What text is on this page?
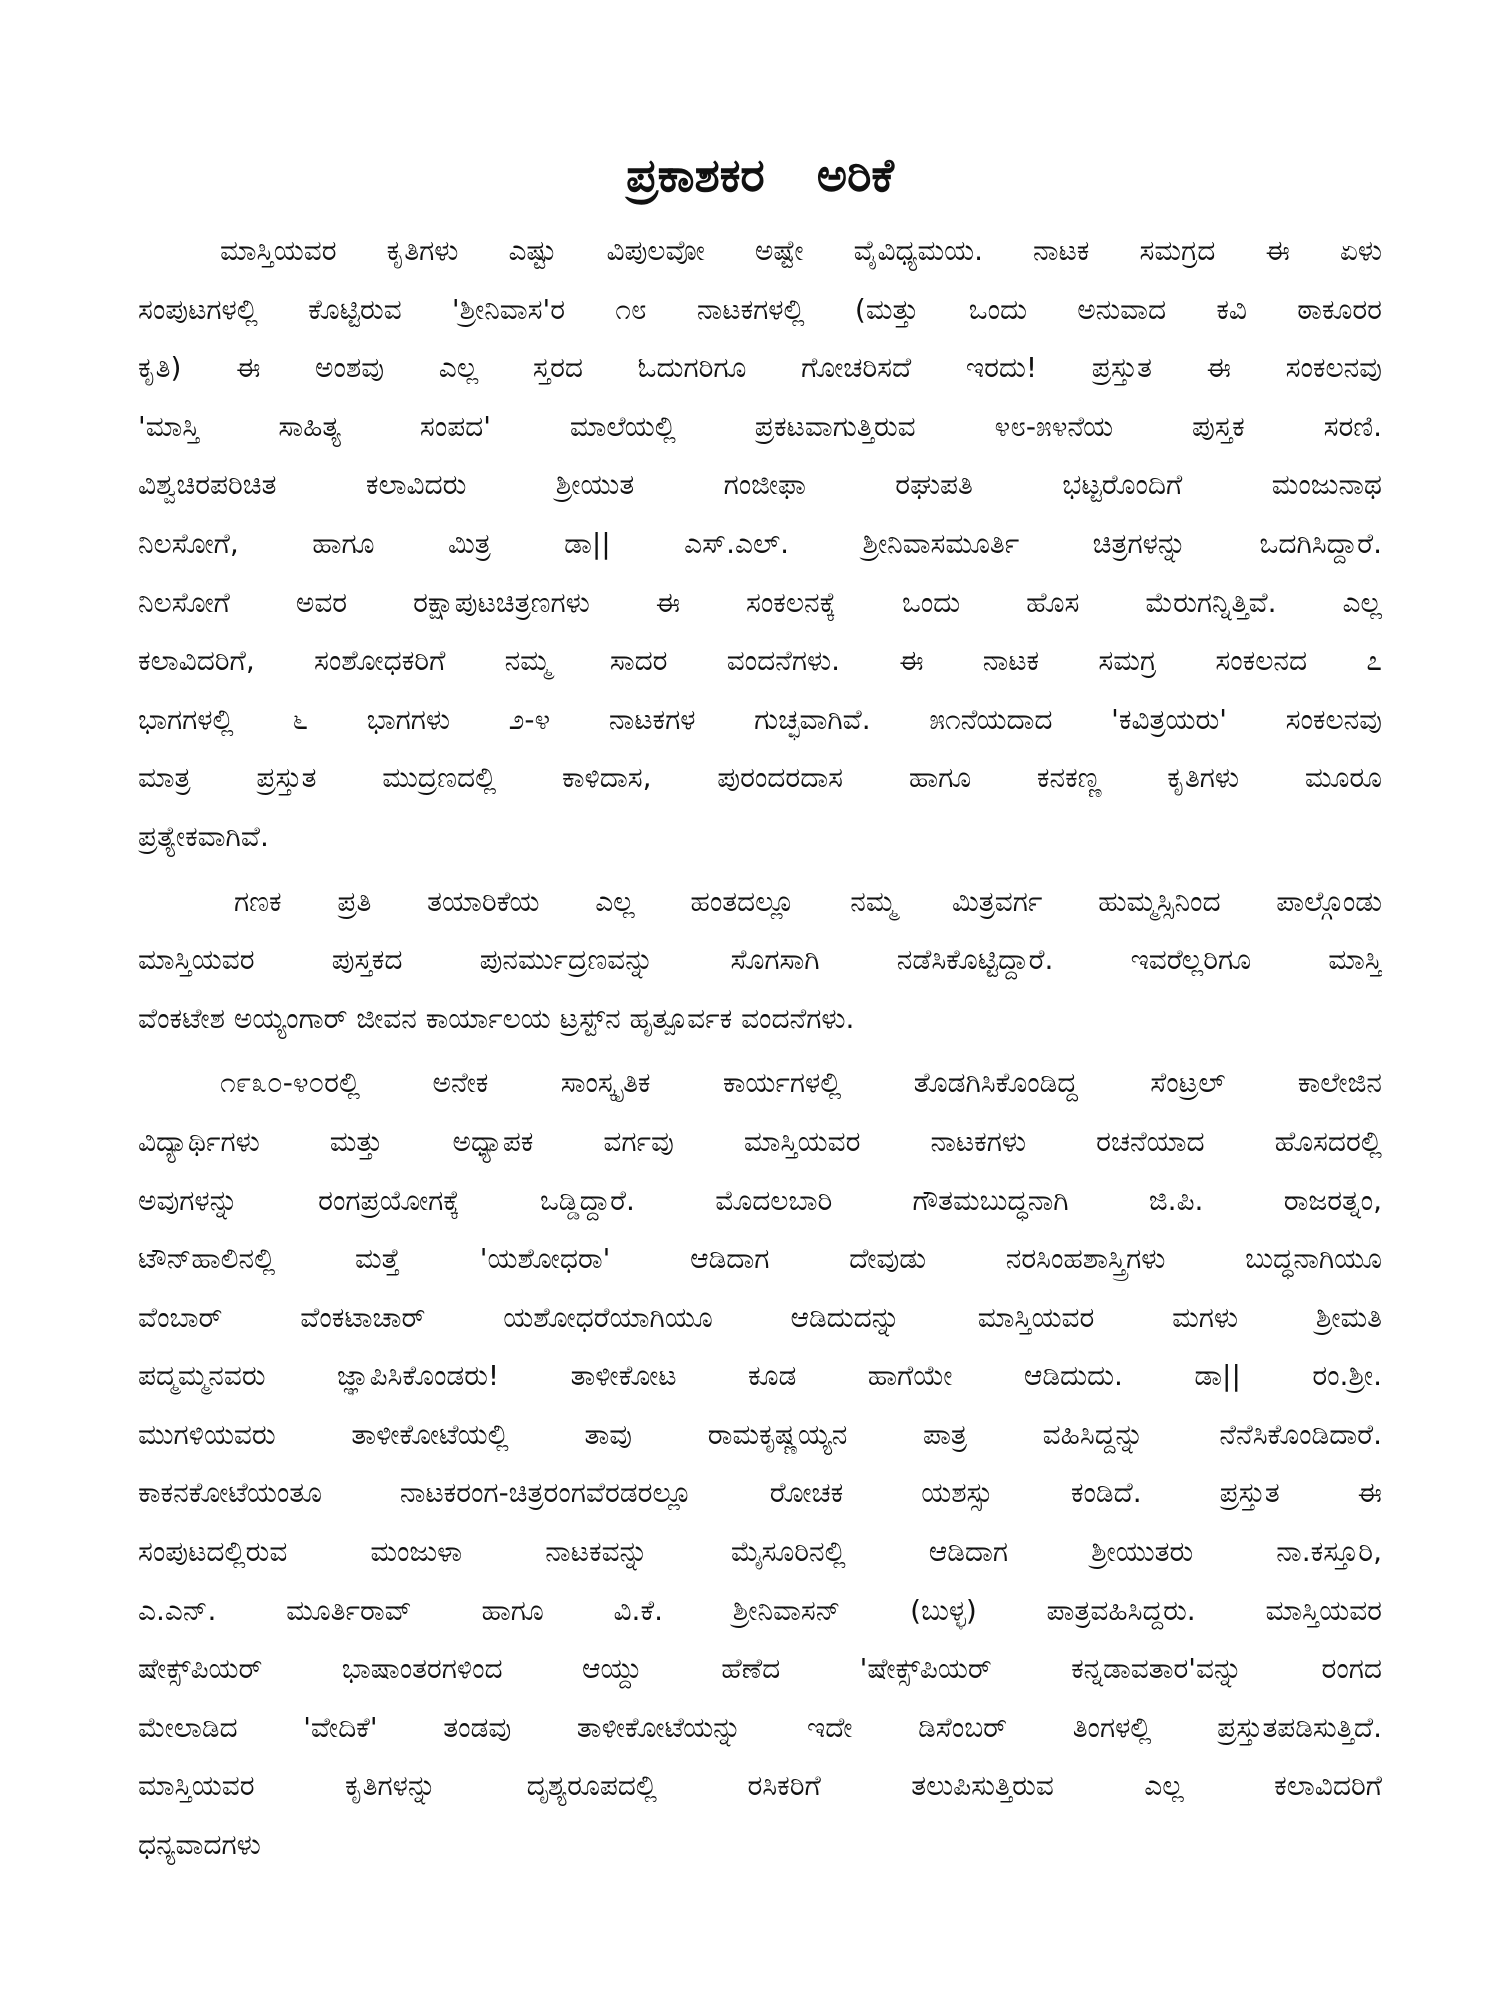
ಪ್ರಕಾಶಕರ ಅರಿಕೆ
ಮಾಸ್ತಿಯವರ ಕೃತಿಗಳು ಎಷ್ಟು ವಿಪುಲವೋ ಅಷ್ಟೇ ವೈವಿಧ್ಯಮಯ. ನಾಟಕ ಸಮಗ್ರದ ಈ ಏಳು
ಸಂಪುಟಗಳಲ್ಲಿ ಕೊಟ್ಟಿರುವ 'ಶ್ರೀನಿವಾಸ'ರ ೧೮ ನಾಟಕಗಳಲ್ಲಿ (ಮತ್ತು ಒಂದು ಅನುವಾದ ಕವಿ ಠಾಕೂರರ
ಕೃತಿ) ಈ ಅಂಶವು ಎಲ್ಲ ಸ್ತರದ ಓದುಗರಿಗೂ ಗೋಚರಿಸದೆ ಇರದು! ಪ್ರಸ್ತುತ ಈ ಸಂಕಲನವು
'ಮಾಸ್ತಿ ಸಾಹಿತ್ಯ ಸಂಪದ' ಮಾಲೆಯಲ್ಲಿ ಪ್ರಕಟವಾಗುತ್ತಿರುವ ೪೮-೫೪ನೆಯ ಪುಸ್ತಕ ಸರಣಿ.
ವಿಶ್ವಚಿರಪರಿಚಿತ ಕಲಾವಿದರು ಶ್ರೀಯುತ ಗಂಜೀಫಾ ರಘುಪತಿ ಭಟ್ಟರೊಂದಿಗೆ ಮಂಜುನಾಥ
ನಿಲಸೋಗೆ, ಹಾಗೂ ಮಿತ್ರ ಡಾ|| ಎಸ್.ಎಲ್. ಶ್ರೀನಿವಾಸಮೂರ್ತಿ ಚಿತ್ರಗಳನ್ನು ಒದಗಿಸಿದ್ದಾರೆ.
ನಿಲಸೋಗೆ ಅವರ ರಕ್ಷಾಪುಟಚಿತ್ರಣಗಳು ಈ ಸಂಕಲನಕ್ಕೆ ಒಂದು ಹೊಸ ಮೆರುಗನ್ನಿತ್ತಿವೆ. ಎಲ್ಲ
ಕಲಾವಿದರಿಗೆ, ಸಂಶೋಧಕರಿಗೆ ನಮ್ಮ ಸಾದರ ವಂದನೆಗಳು. ಈ ನಾಟಕ ಸಮಗ್ರ ಸಂಕಲನದ ೭
ಭಾಗಗಳಲ್ಲಿ ೬ ಭಾಗಗಳು ೨-೪ ನಾಟಕಗಳ ಗುಚ್ಛವಾಗಿವೆ. ೫೧ನೆಯದಾದ 'ಕವಿತ್ರಯರು' ಸಂಕಲನವು
ಮಾತ್ರ ಪ್ರಸ್ತುತ ಮುದ್ರಣದಲ್ಲಿ ಕಾಳಿದಾಸ, ಪುರಂದರದಾಸ ಹಾಗೂ ಕನಕಣ್ಣ ಕೃತಿಗಳು ಮೂರೂ
ಪ್ರತ್ಯೇಕವಾಗಿವೆ.
ಗಣಕ ಪ್ರತಿ ತಯಾರಿಕೆಯ ಎಲ್ಲ ಹಂತದಲ್ಲೂ ನಮ್ಮ ಮಿತ್ರವರ್ಗ ಹುಮ್ಮಸ್ಸಿನಿಂದ ಪಾಲ್ಗೊಂಡು
ಮಾಸ್ತಿಯವರ ಪುಸ್ತಕದ ಪುನರ್ಮುದ್ರಣವನ್ನು ಸೊಗಸಾಗಿ ನಡೆಸಿಕೊಟ್ಟಿದ್ದಾರೆ. ಇವರೆಲ್ಲರಿಗೂ ಮಾಸ್ತಿ
ವೆಂಕಟೇಶ ಅಯ್ಯಂಗಾರ್ ಜೀವನ ಕಾರ್ಯಾಲಯ ಟ್ರಸ್ಟ್‌ನ ಹೃತ್ಪೂರ್ವಕ ವಂದನೆಗಳು.
೧೯೩೦-೪೦ರಲ್ಲಿ ಅನೇಕ ಸಾಂಸ್ಕೃತಿಕ ಕಾರ್ಯಗಳಲ್ಲಿ ತೊಡಗಿಸಿಕೊಂಡಿದ್ದ ಸೆಂಟ್ರಲ್ ಕಾಲೇಜಿನ
ವಿದ್ಯಾರ್ಥಿಗಳು ಮತ್ತು ಅಧ್ಯಾಪಕ ವರ್ಗವು ಮಾಸ್ತಿಯವರ ನಾಟಕಗಳು ರಚನೆಯಾದ ಹೊಸದರಲ್ಲಿ
ಅವುಗಳನ್ನು ರಂಗಪ್ರಯೋಗಕ್ಕೆ ಒಡ್ಡಿದ್ದಾರೆ. ಮೊದಲಬಾರಿ ಗೌತಮಬುದ್ಧನಾಗಿ ಜಿ.ಪಿ. ರಾಜರತ್ನಂ,
ಟೌನ್‌ಹಾಲಿನಲ್ಲಿ ಮತ್ತೆ 'ಯಶೋಧರಾ' ಆಡಿದಾಗ ದೇವುಡು ನರಸಿಂಹಶಾಸ್ತ್ರಿಗಳು ಬುದ್ಧನಾಗಿಯೂ
ವೆಂಬಾರ್ ವೆಂಕಟಾಚಾರ್ ಯಶೋಧರೆಯಾಗಿಯೂ ಆಡಿದುದನ್ನು ಮಾಸ್ತಿಯವರ ಮಗಳು ಶ್ರೀಮತಿ
ಪದ್ಮಮ್ಮನವರು ಜ್ಞಾಪಿಸಿಕೊಂಡರು! ತಾಳೀಕೋಟ ಕೂಡ ಹಾಗೆಯೇ ಆಡಿದುದು. ಡಾ|| ರಂ.ಶ್ರೀ.
ಮುಗಳಿಯವರು ತಾಳೀಕೋಟೆಯಲ್ಲಿ ತಾವು ರಾಮಕೃಷ್ಣಯ್ಯನ ಪಾತ್ರ ವಹಿಸಿದ್ದನ್ನು ನೆನೆಸಿಕೊಂಡಿದಾರೆ.
ಕಾಕನಕೋಟೆಯಂತೂ ನಾಟಕರಂಗ-ಚಿತ್ರರಂಗವೆರಡರಲ್ಲೂ ರೋಚಕ ಯಶಸ್ಸು ಕಂಡಿದೆ. ಪ್ರಸ್ತುತ ಈ
ಸಂಪುಟದಲ್ಲಿರುವ ಮಂಜುಳಾ ನಾಟಕವನ್ನು ಮೈಸೂರಿನಲ್ಲಿ ಆಡಿದಾಗ ಶ್ರೀಯುತರು ನಾ.ಕಸ್ತೂರಿ,
ಎ.ಎನ್. ಮೂರ್ತಿರಾವ್ ಹಾಗೂ ವಿ.ಕೆ. ಶ್ರೀನಿವಾಸನ್ (ಬುಳ್ಳ) ಪಾತ್ರವಹಿಸಿದ್ದರು. ಮಾಸ್ತಿಯವರ
ಷೇಕ್ಸ್‌ಪಿಯರ್ ಭಾಷಾಂತರಗಳಿಂದ ಆಯ್ದು ಹೆಣೆದ 'ಷೇಕ್ಸ್‌ಪಿಯರ್ ಕನ್ನಡಾವತಾರ'ವನ್ನು ರಂಗದ
ಮೇಲಾಡಿದ 'ವೇದಿಕೆ' ತಂಡವು ತಾಳೀಕೋಟೆಯನ್ನು ಇದೇ ಡಿಸೆಂಬರ್ ತಿಂಗಳಲ್ಲಿ ಪ್ರಸ್ತುತಪಡಿಸುತ್ತಿದೆ.
ಮಾಸ್ತಿಯವರ ಕೃತಿಗಳನ್ನು ದೃಶ್ಯರೂಪದಲ್ಲಿ ರಸಿಕರಿಗೆ ತಲುಪಿಸುತ್ತಿರುವ ಎಲ್ಲ ಕಲಾವಿದರಿಗೆ
ಧನ್ಯವಾದಗಳು
